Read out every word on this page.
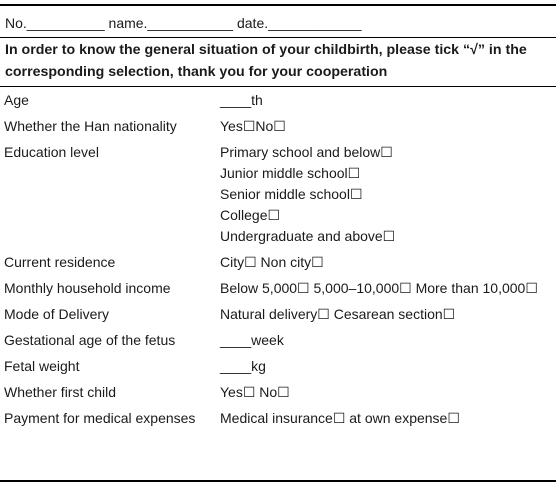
No.__________ name.___________ date.____________
In order to know the general situation of your childbirth, please tick “√” in the corresponding selection, thank you for your cooperation
Age	____th

Whether the Han nationality	Yes☐No☐

Education level	Primary school and below☐
Junior middle school☐
Senior middle school☐
College☐
Undergraduate and above☐

Current residence	City☐ Non city☐

Monthly household income	Below 5,000☐ 5,000–10,000☐ More than 10,000☐

Mode of Delivery	Natural delivery☐ Cesarean section☐

Gestational age of the fetus	____week

Fetal weight	____kg

Whether first child	Yes☐ No☐

Payment for medical expenses	Medical insurance☐ at own expense☐
